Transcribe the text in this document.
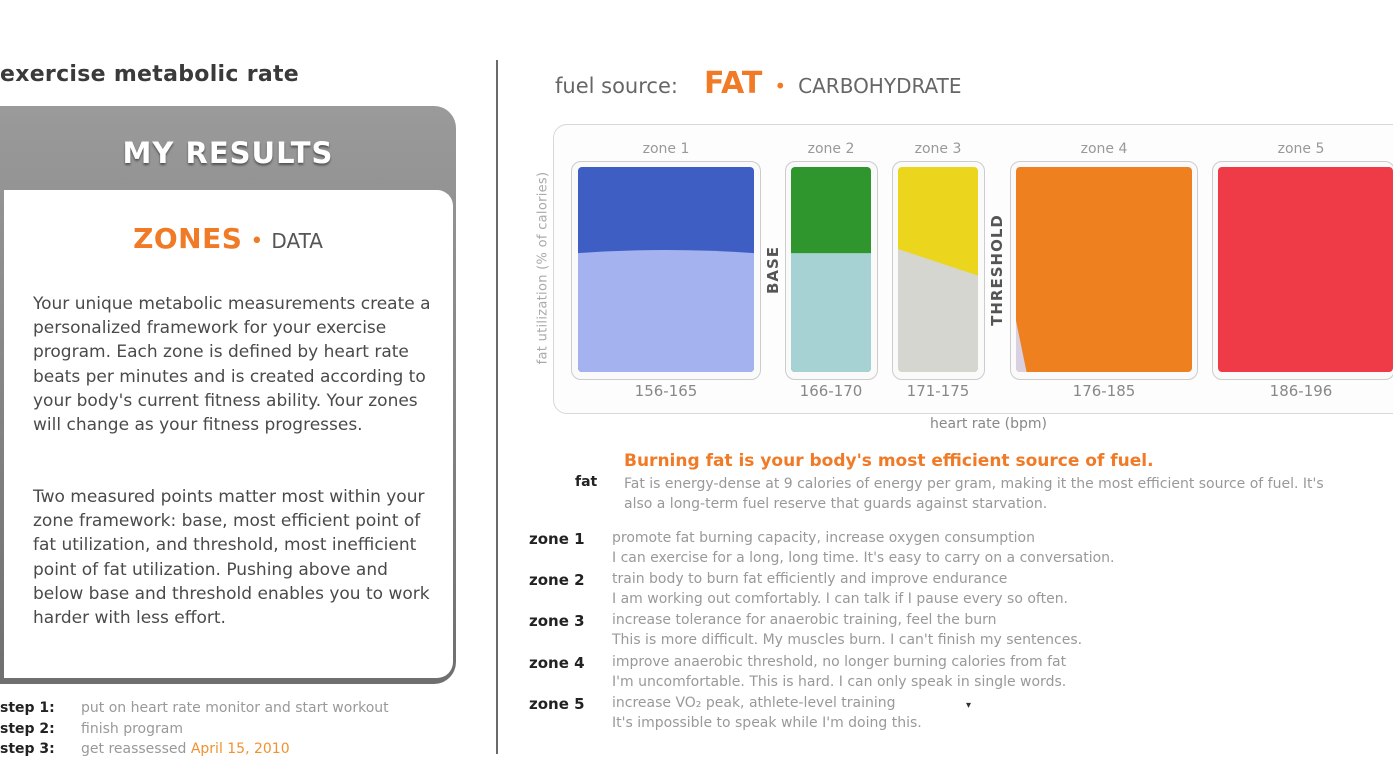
exercise metabolic rate
MY RESULTS
ZONES • DATA
Your unique metabolic measurements create a personalized framework for your exercise program. Each zone is defined by heart rate beats per minutes and is created according to your body's current fitness ability. Your zones will change as your fitness progresses.
Two measured points matter most within your zone framework: base, most efficient point of fat utilization, and threshold, most inefficient point of fat utilization. Pushing above and below base and threshold enables you to work harder with less effort.
step 1: put on heart rate monitor and start workout
step 2: finish program
step 3: get reassessed April 15, 2010
fuel source: FAT • CARBOHYDRATE
fat utilization (% of calories)
heart rate (bpm)
zone 1
156-165
BASE
zone 2
166-170
zone 3
171-175
THRESHOLD
zone 4
176-185
zone 5
186-196
Burning fat is your body's most efficient source of fuel.
fat Fat is energy-dense at 9 calories of energy per gram, making it the most efficient source of fuel. It's
also a long-term fuel reserve that guards against starvation.
zone 1 promote fat burning capacity, increase oxygen consumption
I can exercise for a long, long time. It's easy to carry on a conversation.
zone 2 train body to burn fat efficiently and improve endurance
I am working out comfortably. I can talk if I pause every so often.
zone 3 increase tolerance for anaerobic training, feel the burn
This is more difficult. My muscles burn. I can't finish my sentences.
zone 4 improve anaerobic threshold, no longer burning calories from fat
I'm uncomfortable. This is hard. I can only speak in single words.
zone 5 increase VO₂ peak, athlete-level training
It's impossible to speak while I'm doing this.
▾
